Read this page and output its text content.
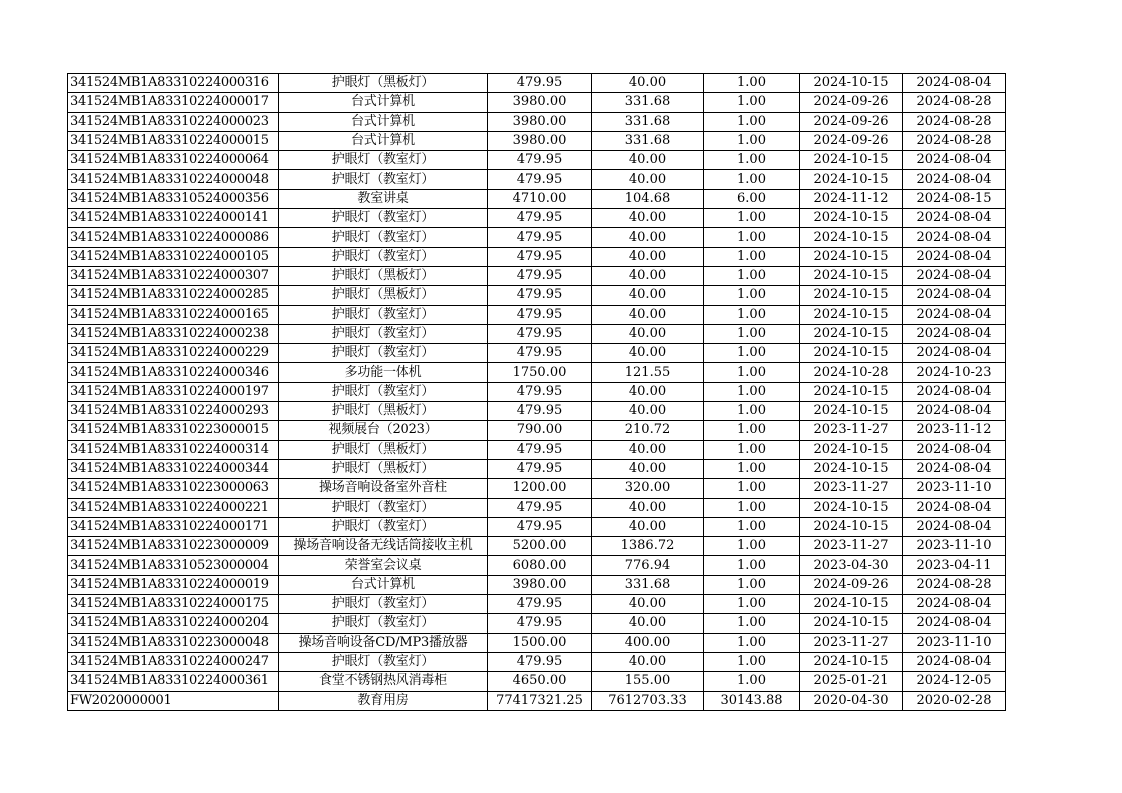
341524MB1A83310224000316	护眼灯（黑板灯）	479.95	40.00	1.00	2024-10-15	2024-08-04
341524MB1A83310224000017	台式计算机	3980.00	331.68	1.00	2024-09-26	2024-08-28
341524MB1A83310224000023	台式计算机	3980.00	331.68	1.00	2024-09-26	2024-08-28
341524MB1A83310224000015	台式计算机	3980.00	331.68	1.00	2024-09-26	2024-08-28
341524MB1A83310224000064	护眼灯（教室灯）	479.95	40.00	1.00	2024-10-15	2024-08-04
341524MB1A83310224000048	护眼灯（教室灯）	479.95	40.00	1.00	2024-10-15	2024-08-04
341524MB1A83310524000356	教室讲桌	4710.00	104.68	6.00	2024-11-12	2024-08-15
341524MB1A83310224000141	护眼灯（教室灯）	479.95	40.00	1.00	2024-10-15	2024-08-04
341524MB1A83310224000086	护眼灯（教室灯）	479.95	40.00	1.00	2024-10-15	2024-08-04
341524MB1A83310224000105	护眼灯（教室灯）	479.95	40.00	1.00	2024-10-15	2024-08-04
341524MB1A83310224000307	护眼灯（黑板灯）	479.95	40.00	1.00	2024-10-15	2024-08-04
341524MB1A83310224000285	护眼灯（黑板灯）	479.95	40.00	1.00	2024-10-15	2024-08-04
341524MB1A83310224000165	护眼灯（教室灯）	479.95	40.00	1.00	2024-10-15	2024-08-04
341524MB1A83310224000238	护眼灯（教室灯）	479.95	40.00	1.00	2024-10-15	2024-08-04
341524MB1A83310224000229	护眼灯（教室灯）	479.95	40.00	1.00	2024-10-15	2024-08-04
341524MB1A83310224000346	多功能一体机	1750.00	121.55	1.00	2024-10-28	2024-10-23
341524MB1A83310224000197	护眼灯（教室灯）	479.95	40.00	1.00	2024-10-15	2024-08-04
341524MB1A83310224000293	护眼灯（黑板灯）	479.95	40.00	1.00	2024-10-15	2024-08-04
341524MB1A83310223000015	视频展台（2023）	790.00	210.72	1.00	2023-11-27	2023-11-12
341524MB1A83310224000314	护眼灯（黑板灯）	479.95	40.00	1.00	2024-10-15	2024-08-04
341524MB1A83310224000344	护眼灯（黑板灯）	479.95	40.00	1.00	2024-10-15	2024-08-04
341524MB1A83310223000063	操场音响设备室外音柱	1200.00	320.00	1.00	2023-11-27	2023-11-10
341524MB1A83310224000221	护眼灯（教室灯）	479.95	40.00	1.00	2024-10-15	2024-08-04
341524MB1A83310224000171	护眼灯（教室灯）	479.95	40.00	1.00	2024-10-15	2024-08-04
341524MB1A83310223000009	操场音响设备无线话筒接收主机	5200.00	1386.72	1.00	2023-11-27	2023-11-10
341524MB1A83310523000004	荣誉室会议桌	6080.00	776.94	1.00	2023-04-30	2023-04-11
341524MB1A83310224000019	台式计算机	3980.00	331.68	1.00	2024-09-26	2024-08-28
341524MB1A83310224000175	护眼灯（教室灯）	479.95	40.00	1.00	2024-10-15	2024-08-04
341524MB1A83310224000204	护眼灯（教室灯）	479.95	40.00	1.00	2024-10-15	2024-08-04
341524MB1A83310223000048	操场音响设备CD/MP3播放器	1500.00	400.00	1.00	2023-11-27	2023-11-10
341524MB1A83310224000247	护眼灯（教室灯）	479.95	40.00	1.00	2024-10-15	2024-08-04
341524MB1A83310224000361	食堂不锈钢热风消毒柜	4650.00	155.00	1.00	2025-01-21	2024-12-05
FW2020000001	教育用房	77417321.25	7612703.33	30143.88	2020-04-30	2020-02-28
